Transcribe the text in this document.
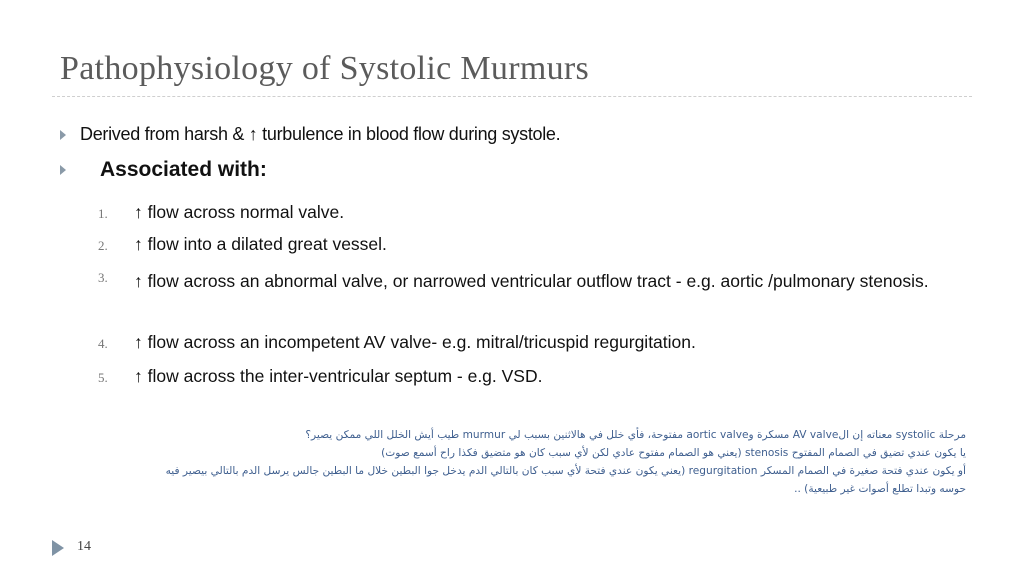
Pathophysiology of Systolic Murmurs
Derived from harsh & ↑ turbulence in blood flow during systole.
Associated with:
1.	↑ flow across normal valve.
2.	↑ flow into a dilated great vessel.
3.	↑ flow across an abnormal valve, or narrowed ventricular outflow tract - e.g. aortic /pulmonary stenosis.
4.	↑ flow across an incompetent AV valve- e.g. mitral/tricuspid regurgitation.
5.	↑ flow across the inter-ventricular septum - e.g. VSD.

مرحلة systolic معناته إن الAV valve مسكرة وaortic valve مفتوحة، فأي خلل في هالاثنين بسبب لي murmur طيب أيش الخلل اللي ممكن يصير؟

يا يكون عندي تضيق في الصمام المفتوح stenosis (يعني هو الصمام مفتوح عادي لكن لأي سبب كان هو متضيق فكذا راح أسمع صوت)

أو يكون عندي فتحة صغيرة في الصمام المسكر regurgitation (يعني يكون عندي فتحة لأي سبب كان بالتالي الدم يدخل جوا البطين خلال ما البطين جالس يرسل الدم بالتالي بيصير فيه

حوسه وتبدا تطلع أصوات غير طبيعية) ..

14
